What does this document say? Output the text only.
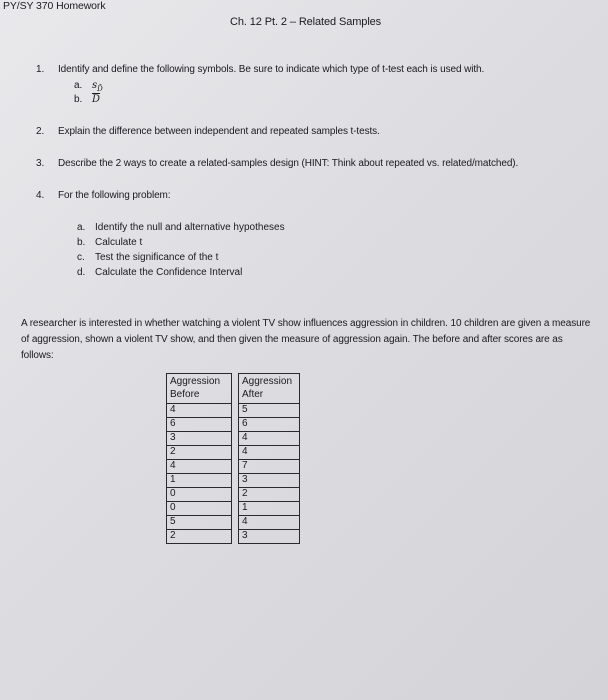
PY/SY 370 Homework
Ch. 12 Pt. 2 – Related Samples
1. Identify and define the following symbols. Be sure to indicate which type of t-test each is used with.
a. $s_{D̄}$
b. $\overline{D}$
2. Explain the difference between independent and repeated samples t-tests.
3. Describe the 2 ways to create a related-samples design (HINT: Think about repeated vs. related/matched).
4. For the following problem:
a. Identify the null and alternative hypotheses
b. Calculate t
c. Test the significance of the t
d. Calculate the Confidence Interval
A researcher is interested in whether watching a violent TV show influences aggression in children. 10 children are given a measure of aggression, shown a violent TV show, and then given the measure of aggression again. The before and after scores are as follows:
Aggression Before		Aggression After
4		5
6		6
3		4
2		4
4		7
1		3
0		2
0		1
5		4
2		3
